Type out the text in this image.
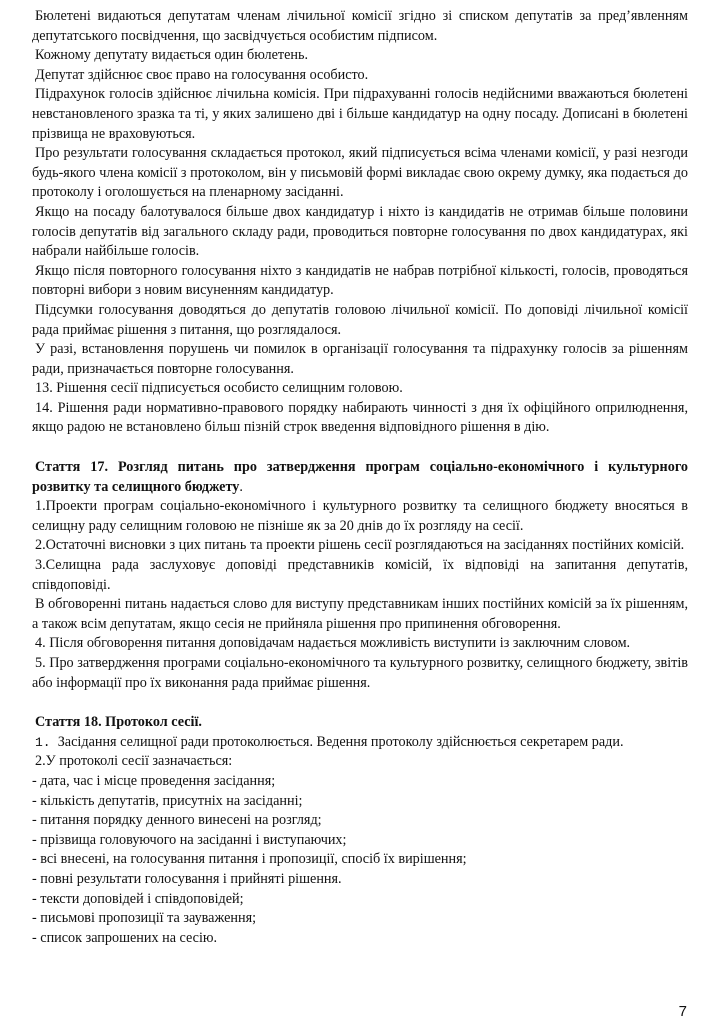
Бюлетені видаються депутатам членам лічильної комісії згідно зі списком депутатів за пред’явленням депутатського посвідчення, що засвідчується особистим підписом.

Кожному депутату видається один бюлетень.

Депутат здійснює своє право на голосування особисто.

Підрахунок голосів здійснює лічильна комісія. При підрахуванні голосів недійсними вважаються бюлетені невстановленого зразка та ті, у яких залишено дві і більше кандидатур на одну посаду. Дописані в бюлетені прізвища не враховуються.

Про результати голосування складається протокол, який підписується всіма членами комісії, у разі незгоди будь-якого члена комісії з протоколом, він у письмовій формі викладає свою окрему думку, яка подається до протоколу і оголошується на пленарному засіданні.

Якщо на посаду балотувалося більше двох кандидатур і ніхто із кандидатів не отримав більше половини голосів депутатів від загального складу ради, проводиться повторне голосування по двох кандидатурах, які набрали найбільше голосів.

Якщо після повторного голосування ніхто з кандидатів не набрав потрібної кількості, голосів, проводяться повторні вибори з новим висуненням кандидатур.

Підсумки голосування доводяться до депутатів головою лічильної комісії. По доповіді лічильної комісії рада приймає рішення з питання, що розглядалося.

У разі, встановлення порушень чи помилок в організації голосування та підрахунку голосів за рішенням ради, призначається повторне голосування.

13. Рішення сесії підписується особисто селищним головою.

14. Рішення ради нормативно-правового порядку набирають чинності з дня їх офіційного оприлюднення, якщо радою не встановлено більш пізній строк введення відповідного рішення в дію.

Стаття 17. Розгляд питань про затвердження програм соціально-економічного і культурного розвитку та селищного бюджету.

1.Проекти програм соціально-економічного і культурного розвитку та селищного бюджету вносяться в селищну раду селищним головою не пізніше як за 20 днів до їх розгляду на сесії.

2.Остаточні висновки з цих питань та проекти рішень сесії розглядаються на засіданнях постійних комісій.

3.Селищна рада заслуховує доповіді представників комісій, їх відповіді на запитання депутатів, співдоповіді.

В обговоренні питань надається слово для виступу представникам інших постійних комісій за їх рішенням, а також всім депутатам, якщо сесія не прийняла рішення про припинення обговорення.

4. Після обговорення питання доповідачам надається можливість виступити із заключним словом.

5. Про затвердження програми соціально-економічного та культурного розвитку, селищного бюджету, звітів або інформації про їх виконання рада приймає рішення.

Стаття 18. Протокол сесії.

1. Засідання селищної ради протоколюється. Ведення протоколу здійснюється секретарем ради.

2.У протоколі сесії зазначається:

- дата, час і місце проведення засідання;
- кількість депутатів, присутніх на засіданні;
- питання порядку денного винесені на розгляд;
- прізвища головуючого на засіданні і виступаючих;
- всі внесені, на голосування питання і пропозиції, спосіб їх вирішення;
- повні результати голосування і прийняті рішення.
- тексти доповідей і співдоповідей;
- письмові пропозиції та зауваження;
- список запрошених на сесію.
7
